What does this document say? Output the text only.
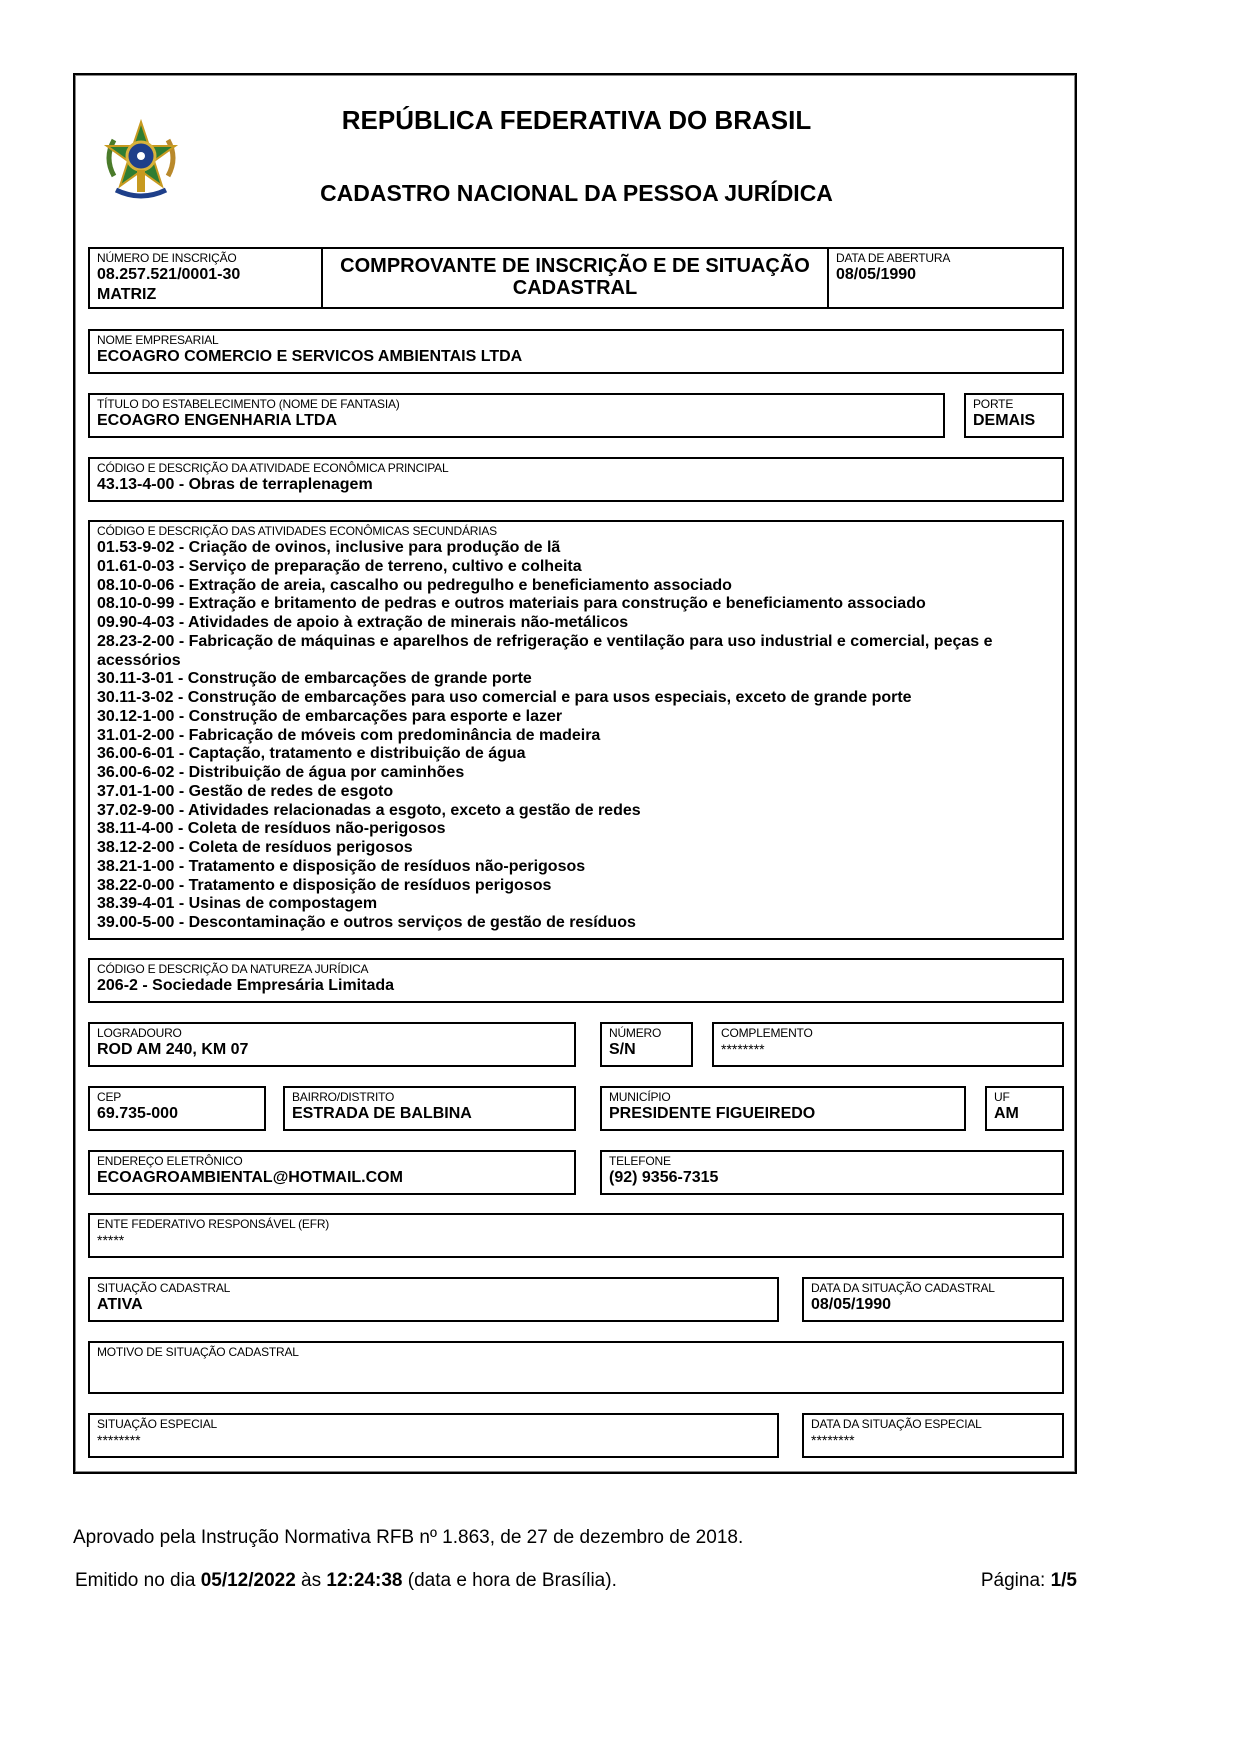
REPÚBLICA FEDERATIVA DO BRASIL
CADASTRO NACIONAL DA PESSOA JURÍDICA
NÚMERO DE INSCRIÇÃO
08.257.521/0001-30
MATRIZ
COMPROVANTE DE INSCRIÇÃO E DE SITUAÇÃO
CADASTRAL
DATA DE ABERTURA
08/05/1990
NOME EMPRESARIAL
ECOAGRO COMERCIO E SERVICOS AMBIENTAIS LTDA
TÍTULO DO ESTABELECIMENTO (NOME DE FANTASIA)
ECOAGRO ENGENHARIA LTDA
PORTE
DEMAIS
CÓDIGO E DESCRIÇÃO DA ATIVIDADE ECONÔMICA PRINCIPAL
43.13-4-00 - Obras de terraplenagem
CÓDIGO E DESCRIÇÃO DAS ATIVIDADES ECONÔMICAS SECUNDÁRIAS
01.53-9-02 - Criação de ovinos, inclusive para produção de lã
01.61-0-03 - Serviço de preparação de terreno, cultivo e colheita
08.10-0-06 - Extração de areia, cascalho ou pedregulho e beneficiamento associado
08.10-0-99 - Extração e britamento de pedras e outros materiais para construção e beneficiamento associado
09.90-4-03 - Atividades de apoio à extração de minerais não-metálicos
28.23-2-00 - Fabricação de máquinas e aparelhos de refrigeração e ventilação para uso industrial e comercial, peças e acessórios
30.11-3-01 - Construção de embarcações de grande porte
30.11-3-02 - Construção de embarcações para uso comercial e para usos especiais, exceto de grande porte
30.12-1-00 - Construção de embarcações para esporte e lazer
31.01-2-00 - Fabricação de móveis com predominância de madeira
36.00-6-01 - Captação, tratamento e distribuição de água
36.00-6-02 - Distribuição de água por caminhões
37.01-1-00 - Gestão de redes de esgoto
37.02-9-00 - Atividades relacionadas a esgoto, exceto a gestão de redes
38.11-4-00 - Coleta de resíduos não-perigosos
38.12-2-00 - Coleta de resíduos perigosos
38.21-1-00 - Tratamento e disposição de resíduos não-perigosos
38.22-0-00 - Tratamento e disposição de resíduos perigosos
38.39-4-01 - Usinas de compostagem
39.00-5-00 - Descontaminação e outros serviços de gestão de resíduos
CÓDIGO E DESCRIÇÃO DA NATUREZA JURÍDICA
206-2 - Sociedade Empresária Limitada
LOGRADOURO
ROD AM 240, KM 07
NÚMERO
S/N
COMPLEMENTO
********
CEP
69.735-000
BAIRRO/DISTRITO
ESTRADA DE BALBINA
MUNICÍPIO
PRESIDENTE FIGUEIREDO
UF
AM
ENDEREÇO ELETRÔNICO
ECOAGROAMBIENTAL@HOTMAIL.COM
TELEFONE
(92) 9356-7315
ENTE FEDERATIVO RESPONSÁVEL (EFR)
*****
SITUAÇÃO CADASTRAL
ATIVA
DATA DA SITUAÇÃO CADASTRAL
08/05/1990
MOTIVO DE SITUAÇÃO CADASTRAL
SITUAÇÃO ESPECIAL
********
DATA DA SITUAÇÃO ESPECIAL
********
Aprovado pela Instrução Normativa RFB nº 1.863, de 27 de dezembro de 2018.
Emitido no dia 05/12/2022 às 12:24:38 (data e hora de Brasília).	Página: 1/5
